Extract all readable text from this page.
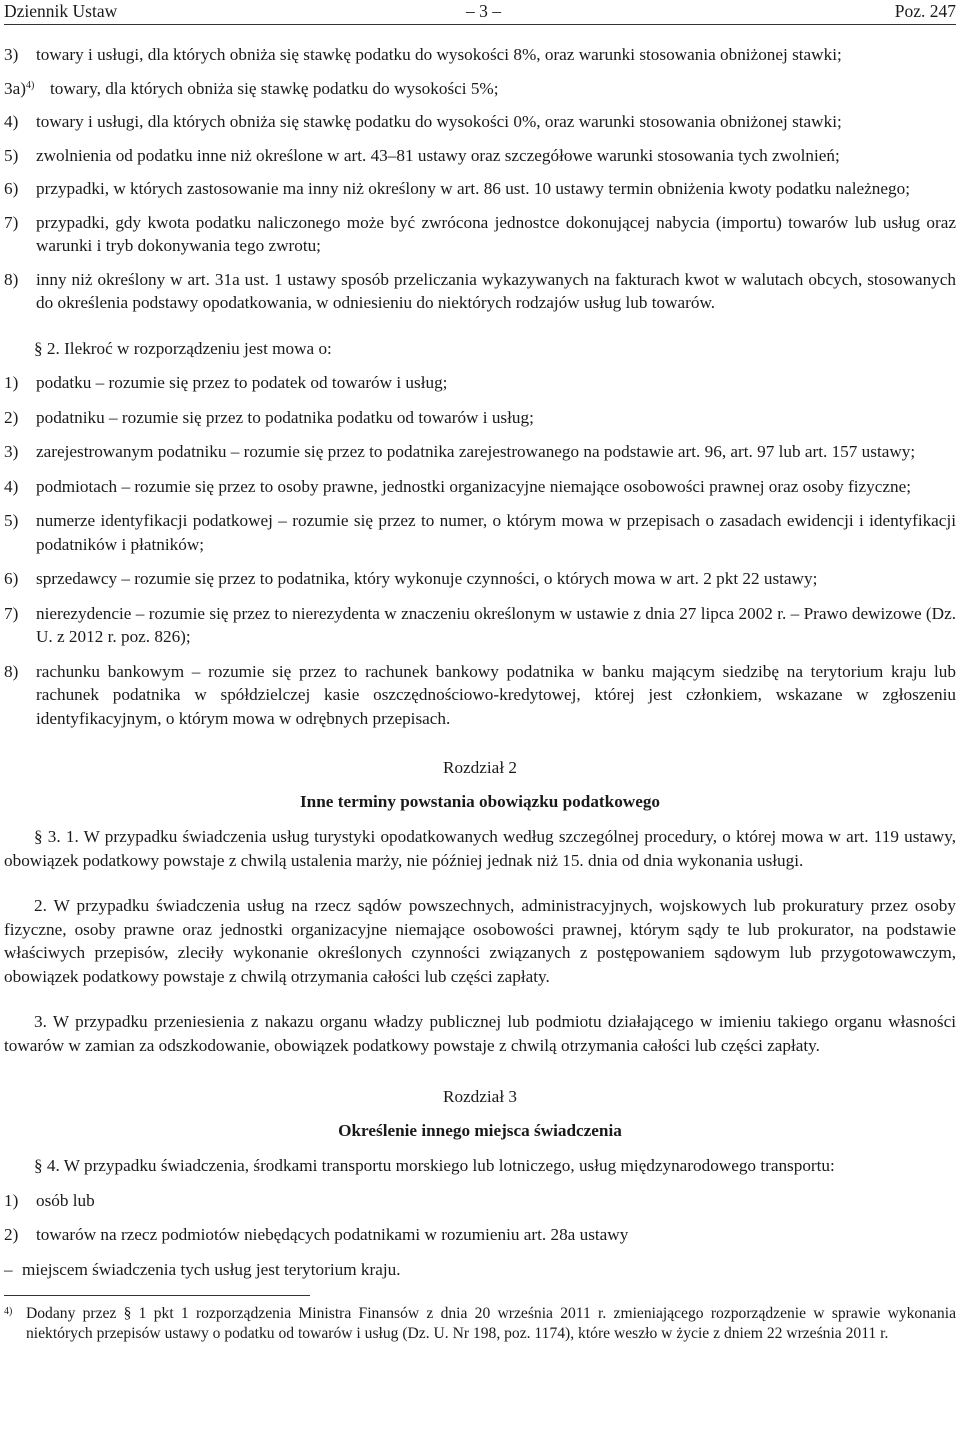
Dziennik Ustaw	– 3 –	Poz. 247
3) towary i usługi, dla których obniża się stawkę podatku do wysokości 8%, oraz warunki stosowania obniżonej stawki;
3a)$^{4)}$ towary, dla których obniża się stawkę podatku do wysokości 5%;
4) towary i usługi, dla których obniża się stawkę podatku do wysokości 0%, oraz warunki stosowania obniżonej stawki;
5) zwolnienia od podatku inne niż określone w art. 43–81 ustawy oraz szczegółowe warunki stosowania tych zwolnień;
6) przypadki, w których zastosowanie ma inny niż określony w art. 86 ust. 10 ustawy termin obniżenia kwoty podatku należnego;
7) przypadki, gdy kwota podatku naliczonego może być zwrócona jednostce dokonującej nabycia (importu) towarów lub usług oraz warunki i tryb dokonywania tego zwrotu;
8) inny niż określony w art. 31a ust. 1 ustawy sposób przeliczania wykazywanych na fakturach kwot w walutach obcych, stosowanych do określenia podstawy opodatkowania, w odniesieniu do niektórych rodzajów usług lub towarów.
§ 2. Ilekroć w rozporządzeniu jest mowa o:
1) podatku – rozumie się przez to podatek od towarów i usług;
2) podatniku – rozumie się przez to podatnika podatku od towarów i usług;
3) zarejestrowanym podatniku – rozumie się przez to podatnika zarejestrowanego na podstawie art. 96, art. 97 lub art. 157 ustawy;
4) podmiotach – rozumie się przez to osoby prawne, jednostki organizacyjne niemające osobowości prawnej oraz osoby fizyczne;
5) numerze identyfikacji podatkowej – rozumie się przez to numer, o którym mowa w przepisach o zasadach ewidencji i identyfikacji podatników i płatników;
6) sprzedawcy – rozumie się przez to podatnika, który wykonuje czynności, o których mowa w art. 2 pkt 22 ustawy;
7) nierezydencie – rozumie się przez to nierezydenta w znaczeniu określonym w ustawie z dnia 27 lipca 2002 r. – Prawo dewizowe (Dz. U. z 2012 r. poz. 826);
8) rachunku bankowym – rozumie się przez to rachunek bankowy podatnika w banku mającym siedzibę na terytorium kraju lub rachunek podatnika w spółdzielczej kasie oszczędnościowo-kredytowej, której jest członkiem, wskazane w zgłoszeniu identyfikacyjnym, o którym mowa w odrębnych przepisach.
Rozdział 2
Inne terminy powstania obowiązku podatkowego
§ 3. 1. W przypadku świadczenia usług turystyki opodatkowanych według szczególnej procedury, o której mowa w art. 119 ustawy, obowiązek podatkowy powstaje z chwilą ustalenia marży, nie później jednak niż 15. dnia od dnia wykonania usługi.
2. W przypadku świadczenia usług na rzecz sądów powszechnych, administracyjnych, wojskowych lub prokuratury przez osoby fizyczne, osoby prawne oraz jednostki organizacyjne niemające osobowości prawnej, którym sądy te lub prokurator, na podstawie właściwych przepisów, zleciły wykonanie określonych czynności związanych z postępowaniem sądowym lub przygotowawczym, obowiązek podatkowy powstaje z chwilą otrzymania całości lub części zapłaty.
3. W przypadku przeniesienia z nakazu organu władzy publicznej lub podmiotu działającego w imieniu takiego organu własności towarów w zamian za odszkodowanie, obowiązek podatkowy powstaje z chwilą otrzymania całości lub części zapłaty.
Rozdział 3
Określenie innego miejsca świadczenia
§ 4. W przypadku świadczenia, środkami transportu morskiego lub lotniczego, usług międzynarodowego transportu:
1) osób lub
2) towarów na rzecz podmiotów niebędących podatnikami w rozumieniu art. 28a ustawy
– miejscem świadczenia tych usług jest terytorium kraju.
4) Dodany przez § 1 pkt 1 rozporządzenia Ministra Finansów z dnia 20 września 2011 r. zmieniającego rozporządzenie w sprawie wykonania niektórych przepisów ustawy o podatku od towarów i usług (Dz. U. Nr 198, poz. 1174), które weszło w życie z dniem 22 września 2011 r.
